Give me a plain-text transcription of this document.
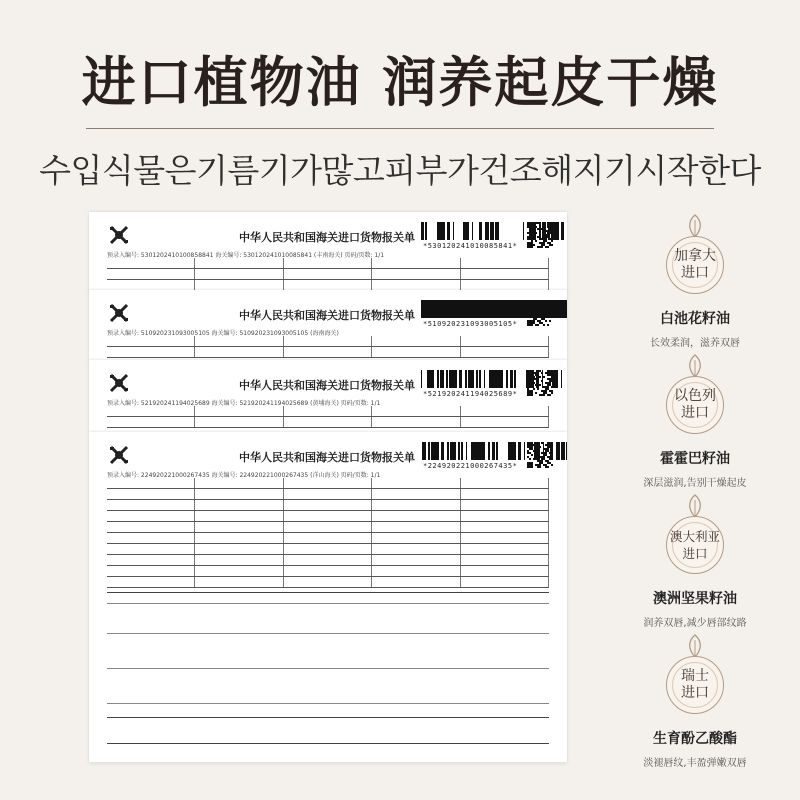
进口植物油 润养起皮干燥
수입식물은기름기가많고피부가건조해지기시작한다
中华人民共和国海关进口货物报关单
*530120241010085841*
预录入编号: 5301202410100858841 海关编号: 530120241010085841 (丰南海关) 页码/页数: 1/1
中华人民共和国海关进口货物报关单
*510920231093005105*
预录入编号: 510920231093005105 海关编号: 510920231093005105 (海南海关)
中华人民共和国海关进口货物报关单
*521920241194025689*
预录入编号: 521920241194025689 海关编号: 521920241194025689 (黄埔海关) 页码/页数: 1/1
中华人民共和国海关进口货物报关单
*224920221000267435*
预录入编号: 224920221000267435 海关编号: 224920221000267435 (洋山海关) 页码/页数: 1/1
加拿大
进口
白池花籽油
长效柔润，滋养双唇
以色列
进口
霍霍巴籽油
深层滋润,告别干燥起皮
澳大利亚
进口
澳洲坚果籽油
润养双唇,减少唇部纹路
瑞士
进口
生育酚乙酸酯
淡褪唇纹,丰盈弹嫩双唇
